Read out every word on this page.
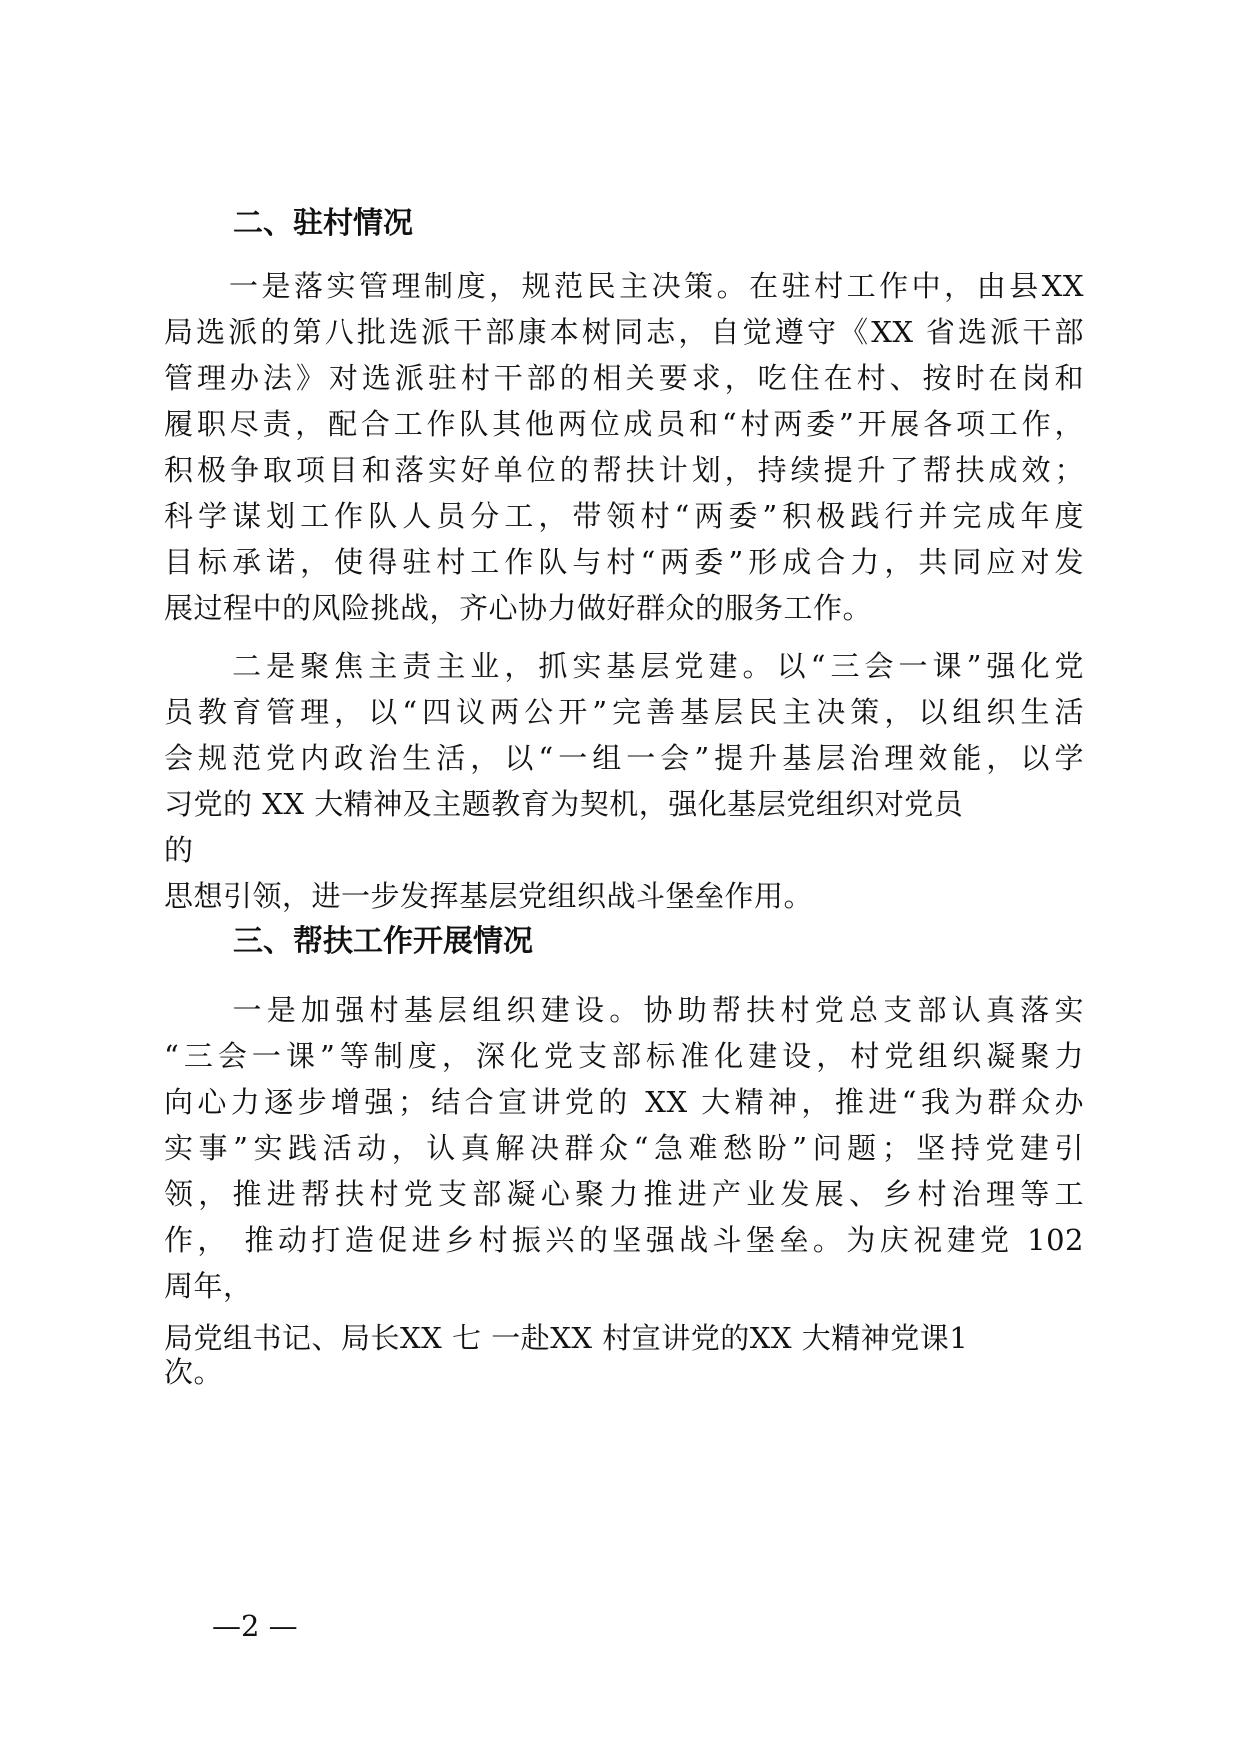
二、驻村情况
　　一是落实管理制度，规范民主决策。在驻村工作中，由县XX
局选派的第八批选派干部康本树同志，自觉遵守《XX 省选派干部
管理办法》对选派驻村干部的相关要求，吃住在村、按时在岗和
履职尽责，配合工作队其他两位成员和“村两委”开展各项工作，
积极争取项目和落实好单位的帮扶计划，持续提升了帮扶成效；
科学谋划工作队人员分工，带领村“两委”积极践行并完成年度
目标承诺，使得驻村工作队与村“两委”形成合力，共同应对发
展过程中的风险挑战，齐心协力做好群众的服务工作。
　　二是聚焦主责主业，抓实基层党建。以“三会一课”强化党
员教育管理，以“四议两公开”完善基层民主决策，以组织生活
会规范党内政治生活，以“一组一会”提升基层治理效能，以学
习党的 XX 大精神及主题教育为契机，强化基层党组织对党员
的
思想引领，进一步发挥基层党组织战斗堡垒作用。
三、帮扶工作开展情况
　　一是加强村基层组织建设。协助帮扶村党总支部认真落实
“三会一课”等制度，深化党支部标准化建设，村党组织凝聚力
向心力逐步增强；结合宣讲党的 XX 大精神，推进“我为群众办
实事”实践活动，认真解决群众“急难愁盼”问题；坚持党建引
领，推进帮扶村党支部凝心聚力推进产业发展、乡村治理等工
作， 推动打造促进乡村振兴的坚强战斗堡垒。为庆祝建党 102
周年，
局党组书记、局长XX 七 一赴XX 村宣讲党的XX 大精神党课1
次。
—2 —
